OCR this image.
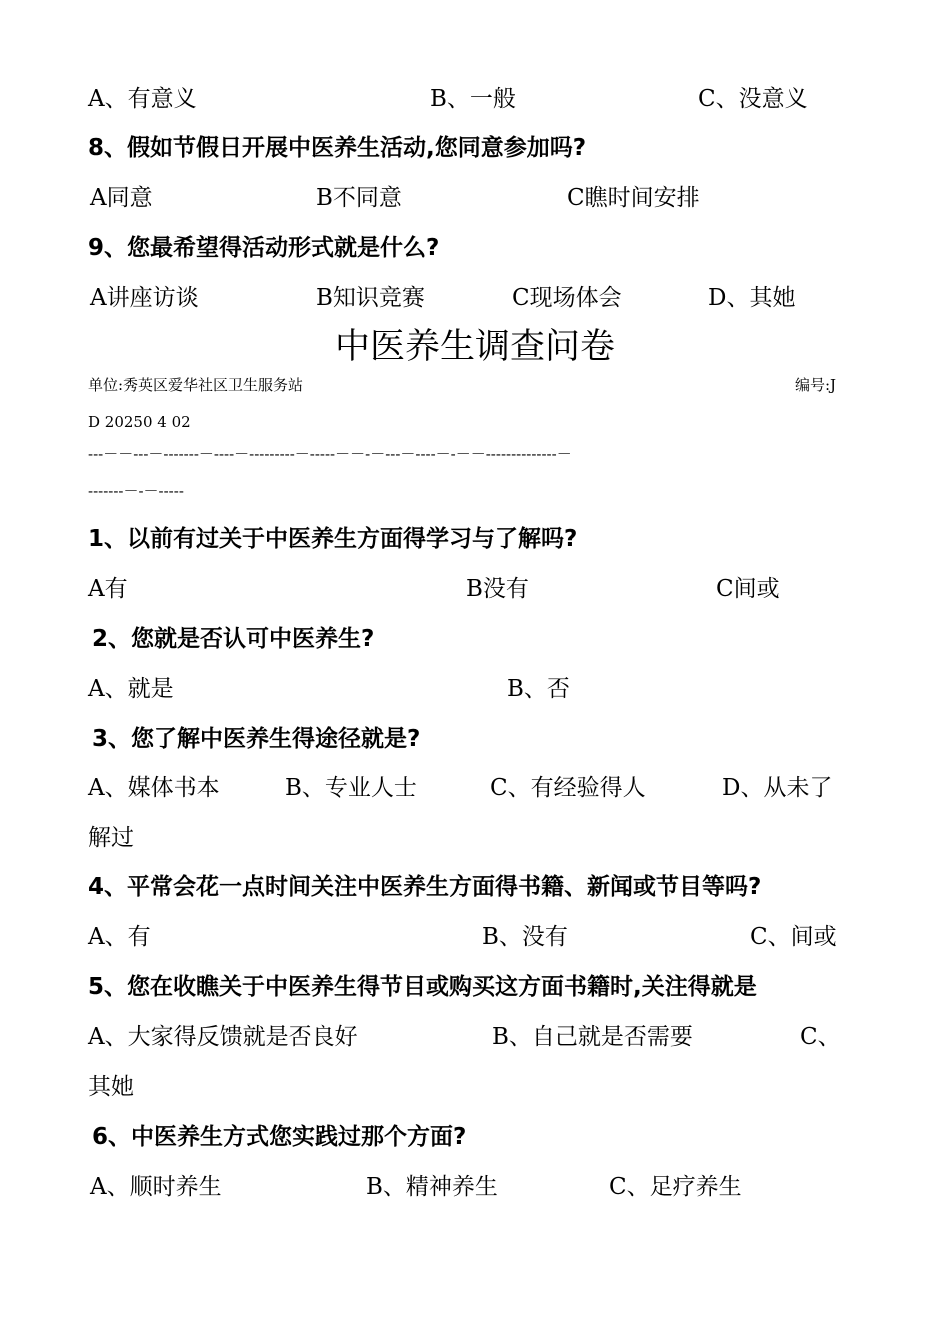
A、有意义	B、一般	C、没意义
8、假如节假日开展中医养生活动,您同意参加吗?
A同意	B不同意	C瞧时间安排
9、您最希望得活动形式就是什么?
A讲座访谈	B知识竞赛	C现场体会	D、其她
中医养生调查问卷
单位:秀英区爱华社区卫生服务站	编号:J
D 20250 4 02
---－－---－-------－----－---------－-----－－-－---－----－-－－--------------－
-------－-－-----
1、以前有过关于中医养生方面得学习与了解吗?
A有	B没有	C间或
2、您就是否认可中医养生?
A、就是	B、否
3、您了解中医养生得途径就是?
A、媒体书本	B、专业人士	C、有经验得人	D、从未了
解过
4、平常会花一点时间关注中医养生方面得书籍、新闻或节目等吗?
A、有	B、没有	C、间或
5、您在收瞧关于中医养生得节目或购买这方面书籍时,关注得就是
A、大家得反馈就是否良好	B、自己就是否需要	C、
其她
6、中医养生方式您实践过那个方面?
A、顺时养生	B、精神养生	C、足疗养生
